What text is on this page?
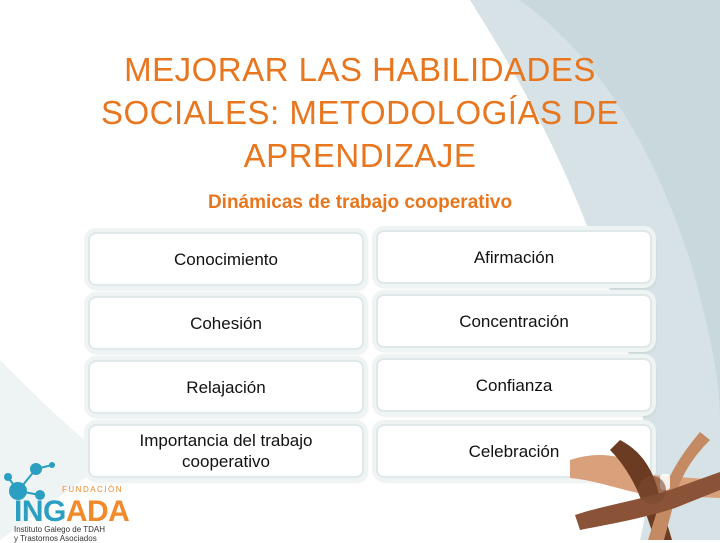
MEJORAR LAS HABILIDADES
SOCIALES: METODOLOGÍAS DE
APRENDIZAJE
Dinámicas de trabajo cooperativo
Conocimiento
Cohesión
Relajación
Importancia del trabajo cooperativo
Afirmación
Concentración
Confianza
Celebración
FUNDACIÓN
INGADA
Instituto Galego de TDAH
y Trastornos Asociados
